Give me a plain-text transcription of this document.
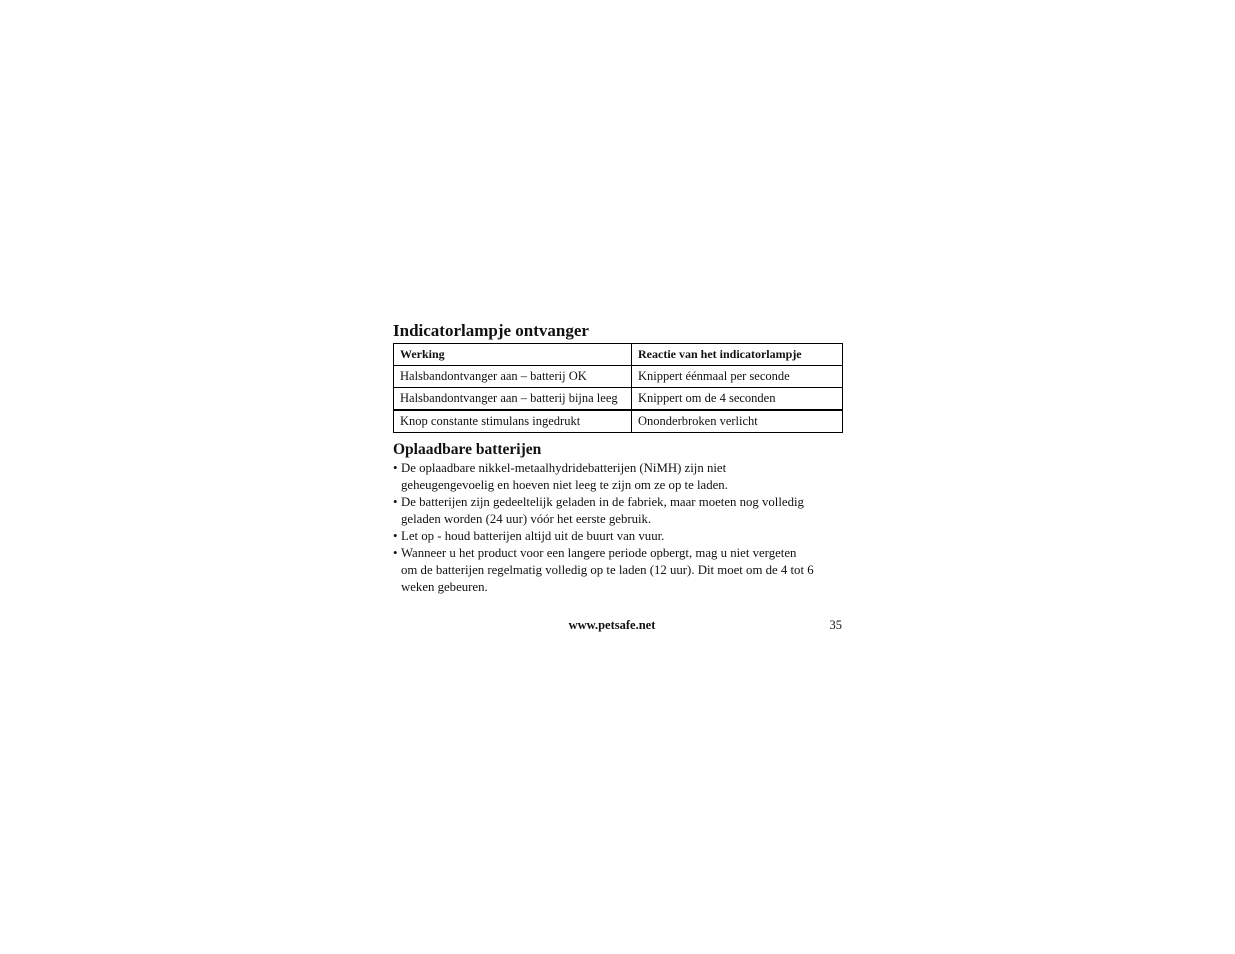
Indicatorlampje ontvanger
Werking	Reactie van het indicatorlampje
Halsbandontvanger aan – batterij OK	Knippert éénmaal per seconde
Halsbandontvanger aan – batterij bijna leeg	Knippert om de 4 seconden
Knop constante stimulans ingedrukt	Ononderbroken verlicht
Oplaadbare batterijen
• De oplaadbare nikkel-metaalhydridebatterijen (NiMH) zijn niet
geheugengevoelig en hoeven niet leeg te zijn om ze op te laden.
• De batterijen zijn gedeeltelijk geladen in de fabriek, maar moeten nog volledig
geladen worden (24 uur) vóór het eerste gebruik.
• Let op - houd batterijen altijd uit de buurt van vuur.
• Wanneer u het product voor een langere periode opbergt, mag u niet vergeten
om de batterijen regelmatig volledig op te laden (12 uur). Dit moet om de 4 tot 6
weken gebeuren.
www.petsafe.net	35
